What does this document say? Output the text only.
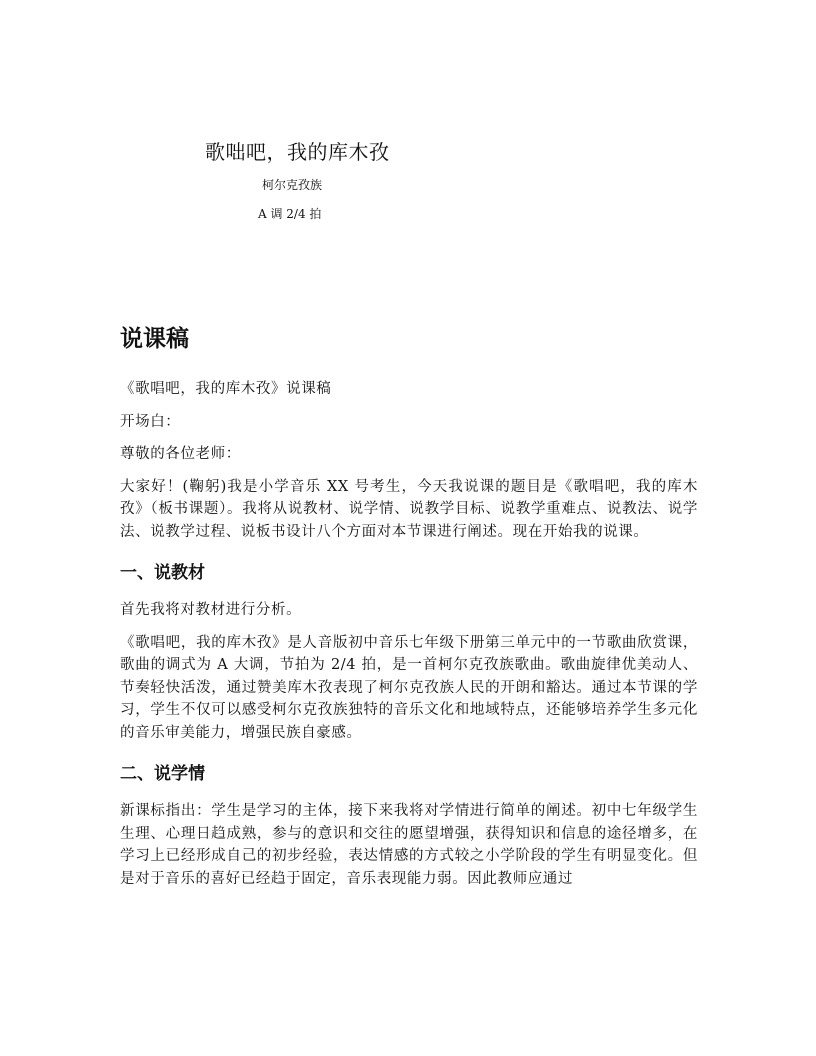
歌咄吧，我的库木孜
柯尔克孜族
A 调 2/4 拍
说课稿

《歌唱吧，我的库木孜》说课稿

开场白：

尊敬的各位老师：

大家好！(鞠躬)我是小学音乐 XX 号考生，今天我说课的题目是《歌唱吧，我的库木孜》（板书课题）。我将从说教材、说学情、说教学目标、说教学重难点、说教法、说学法、说教学过程、说板书设计八个方面对本节课进行阐述。现在开始我的说课。

一、说教材

首先我将对教材进行分析。

《歌唱吧，我的库木孜》是人音版初中音乐七年级下册第三单元中的一节歌曲欣赏课，歌曲的调式为 A 大调，节拍为 2/4 拍，是一首柯尔克孜族歌曲。歌曲旋律优美动人、节奏轻快活泼，通过赞美库木孜表现了柯尔克孜族人民的开朗和豁达。通过本节课的学习，学生不仅可以感受柯尔克孜族独特的音乐文化和地域特点，还能够培养学生多元化的音乐审美能力，增强民族自豪感。

二、说学情

新课标指出：学生是学习的主体，接下来我将对学情进行简单的阐述。初中七年级学生生理、心理日趋成熟，参与的意识和交往的愿望增强，获得知识和信息的途径增多，在学习上已经形成自己的初步经验，表达情感的方式较之小学阶段的学生有明显变化。但是对于音乐的喜好已经趋于固定，音乐表现能力弱。因此教师应通过
